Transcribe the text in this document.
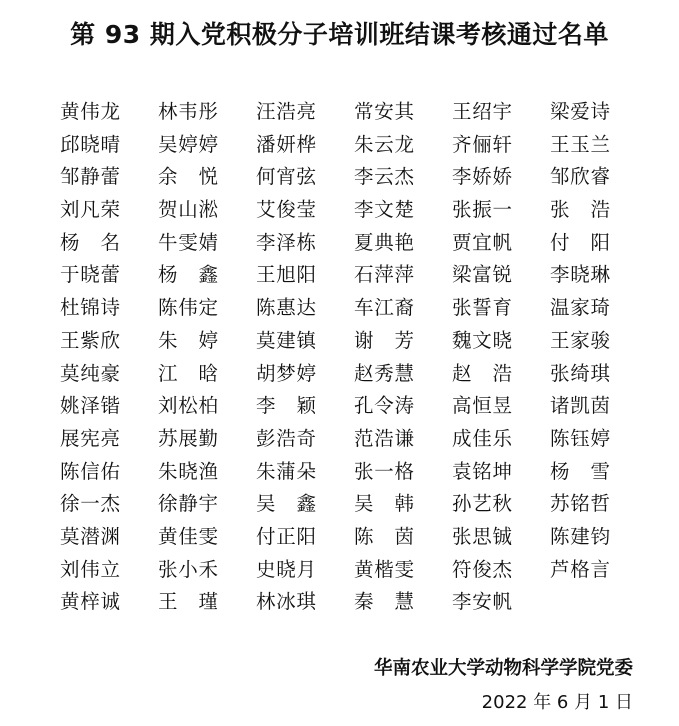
第 93 期入党积极分子培训班结课考核通过名单
黄 伟 龙 林 韦 彤 汪 浩 亮 常 安 其 王 绍 宇 梁 爱 诗
邱 晓 晴 吴 婷 婷 潘 妍 桦 朱 云 龙 齐 俪 轩 王 玉 兰
邹 静 蕾 余 悦 何 宵 弦 李 云 杰 李 娇 娇 邹 欣 睿
刘 凡 荣 贺 山 淞 艾 俊 莹 李 文 楚 张 振 一 张 浩
杨 名 牛 雯 婧 李 泽 栋 夏 典 艳 贾 宜 帆 付 阳
于 晓 蕾 杨 鑫 王 旭 阳 石 萍 萍 梁 富 锐 李 晓 琳
杜 锦 诗 陈 伟 定 陈 惠 达 车 江 裔 张 誓 育 温 家 琦
王 紫 欣 朱 婷 莫 建 镇 谢 芳 魏 文 晓 王 家 骏
莫 纯 豪 江 晗 胡 梦 婷 赵 秀 慧 赵 浩 张 绮 琪
姚 泽 锴 刘 松 柏 李 颖 孔 令 涛 高 恒 昱 诸 凯 茵
展 宪 亮 苏 展 勤 彭 浩 奇 范 浩 谦 成 佳 乐 陈 钰 婷
陈 信 佑 朱 晓 渔 朱 蒲 朵 张 一 格 袁 铭 坤 杨 雪
徐 一 杰 徐 静 宇 吴 鑫 吴 韩 孙 艺 秋 苏 铭 哲
莫 潜 渊 黄 佳 雯 付 正 阳 陈 茵 张 思 铖 陈 建 钧
刘 伟 立 张 小 禾 史 晓 月 黄 楷 雯 符 俊 杰 芦 格 言
黄 梓 诚 王 瑾 林 冰 琪 秦 慧 李 安 帆
华南农业大学动物科学学院党委
2022 年 6 月 1 日
